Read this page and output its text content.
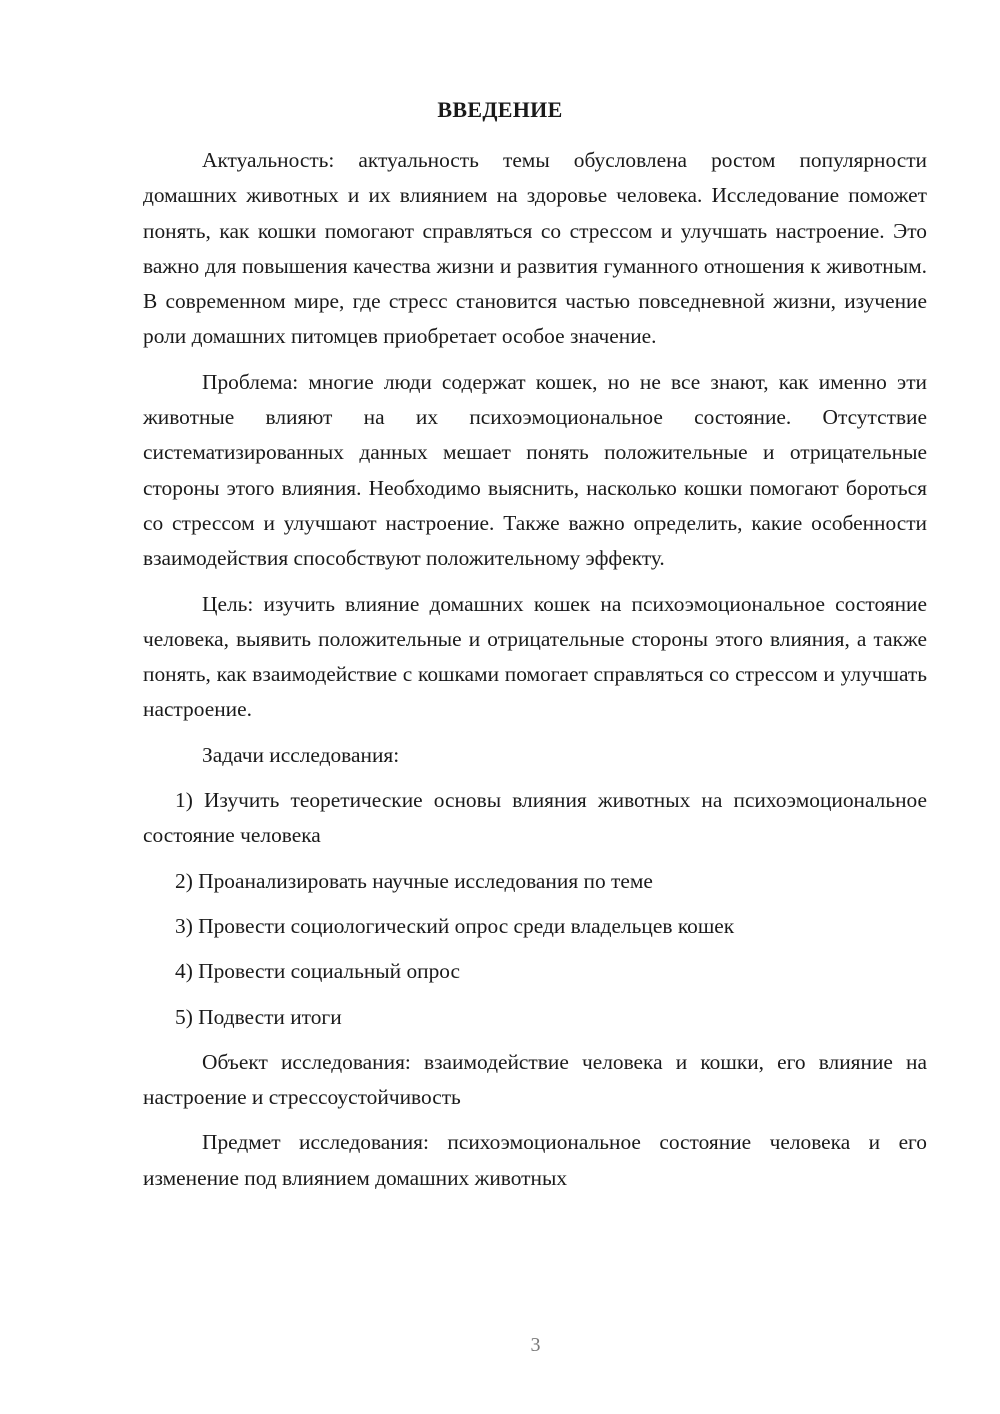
ВВЕДЕНИЕ

Актуальность: актуальность темы обусловлена ростом популярности домашних животных и их влиянием на здоровье человека. Исследование поможет понять, как кошки помогают справляться со стрессом и улучшать настроение. Это важно для повышения качества жизни и развития гуманного отношения к животным. В современном мире, где стресс становится частью повседневной жизни, изучение роли домашних питомцев приобретает особое значение.

Проблема: многие люди содержат кошек, но не все знают, как именно эти животные влияют на их психоэмоциональное состояние. Отсутствие систематизированных данных мешает понять положительные и отрицательные стороны этого влияния. Необходимо выяснить, насколько кошки помогают бороться со стрессом и улучшают настроение. Также важно определить, какие особенности взаимодействия способствуют положительному эффекту.

Цель: изучить влияние домашних кошек на психоэмоциональное состояние человека, выявить положительные и отрицательные стороны этого влияния, а также понять, как взаимодействие с кошками помогает справляться со стрессом и улучшать настроение.

Задачи исследования:

1) Изучить теоретические основы влияния животных на психоэмоциональное состояние человека

2) Проанализировать научные исследования по теме

3) Провести социологический опрос среди владельцев кошек

4) Провести социальный опрос

5) Подвести итоги

Объект исследования: взаимодействие человека и кошки, его влияние на настроение и стрессоустойчивость

Предмет исследования: психоэмоциональное состояние человека и его изменение под влиянием домашних животных

3
